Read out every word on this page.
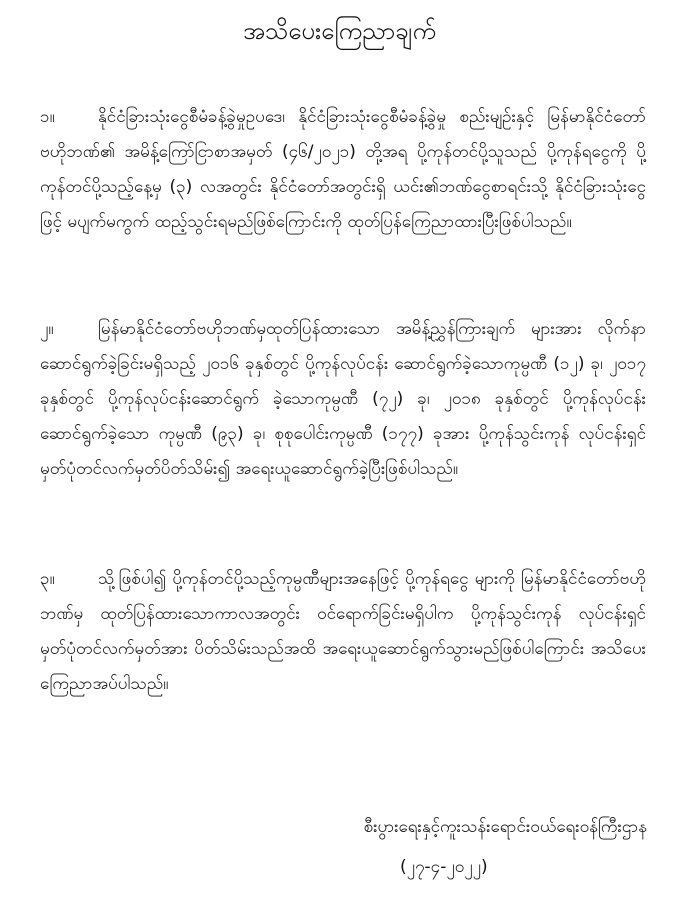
အသိပေးကြေညာချက်

၁။	နိုင်ငံခြားသုံးငွေစီမံခန့်ခွဲမှုဥပဒေ၊ နိုင်ငံခြားသုံးငွေစီမံခန့်ခွဲမှု စည်းမျဉ်းနှင့် မြန်မာနိုင်ငံတော်ဗဟိုဘဏ်၏ အမိန့်ကြော်ငြာစာအမှတ် (၄၆/၂၀၂၁) တို့အရ ပို့ကုန်တင်ပို့သူသည် ပို့ကုန်ရငွေကို ပို့ကုန်တင်ပို့သည့်နေ့မှ (၃) လအတွင်း နိုင်ငံတော်အတွင်းရှိ ယင်း၏ဘဏ်ငွေစာရင်းသို့ နိုင်ငံခြားသုံးငွေဖြင့် မပျက်မကွက် ထည့်သွင်းရမည်ဖြစ်ကြောင်းကို ထုတ်ပြန်ကြေညာထားပြီးဖြစ်ပါသည်။

၂။	မြန်မာနိုင်ငံတော်ဗဟိုဘဏ်မှထုတ်ပြန်ထားသော အမိန့်ညွှန်ကြားချက် များအား လိုက်နာဆောင်ရွက်ခဲ့ခြင်းမရှိသည့် ၂၀၁၆ ခုနှစ်တွင် ပို့ကုန်လုပ်ငန်း ဆောင်ရွက်ခဲ့သောကုမ္ပဏီ (၁၂) ခု၊ ၂၀၁၇ ခုနှစ်တွင် ပို့ကုန်လုပ်ငန်းဆောင်ရွက် ခဲ့သောကုမ္ပဏီ (၇၂) ခု၊ ၂၀၁၈ ခုနှစ်တွင် ပို့ကုန်လုပ်ငန်းဆောင်ရွက်ခဲ့သော ကုမ္ပဏီ (၉၃) ခု၊ စုစုပေါင်းကုမ္ပဏီ (၁၇၇) ခုအား ပို့ကုန်သွင်းကုန် လုပ်ငန်းရှင် မှတ်ပုံတင်လက်မှတ်ပိတ်သိမ်း၍ အရေးယူဆောင်ရွက်ခဲ့ပြီးဖြစ်ပါသည်။

၃။	သို့ဖြစ်ပါ၍ ပို့ကုန်တင်ပို့သည့်ကုမ္ပဏီများအနေဖြင့် ပို့ကုန်ရငွေ များကို မြန်မာနိုင်ငံတော်ဗဟိုဘဏ်မှ ထုတ်ပြန်ထားသောကာလအတွင်း ဝင်ရောက်ခြင်းမရှိပါက ပို့ကုန်သွင်းကုန် လုပ်ငန်းရှင်မှတ်ပုံတင်လက်မှတ်အား ပိတ်သိမ်းသည်အထိ အရေးယူဆောင်ရွက်သွားမည်ဖြစ်ပါကြောင်း အသိပေး ကြေညာအပ်ပါသည်။

စီးပွားရေးနှင့်ကူးသန်းရောင်းဝယ်ရေးဝန်ကြီးဌာန
(၂၇-၄-၂၀၂၂)
